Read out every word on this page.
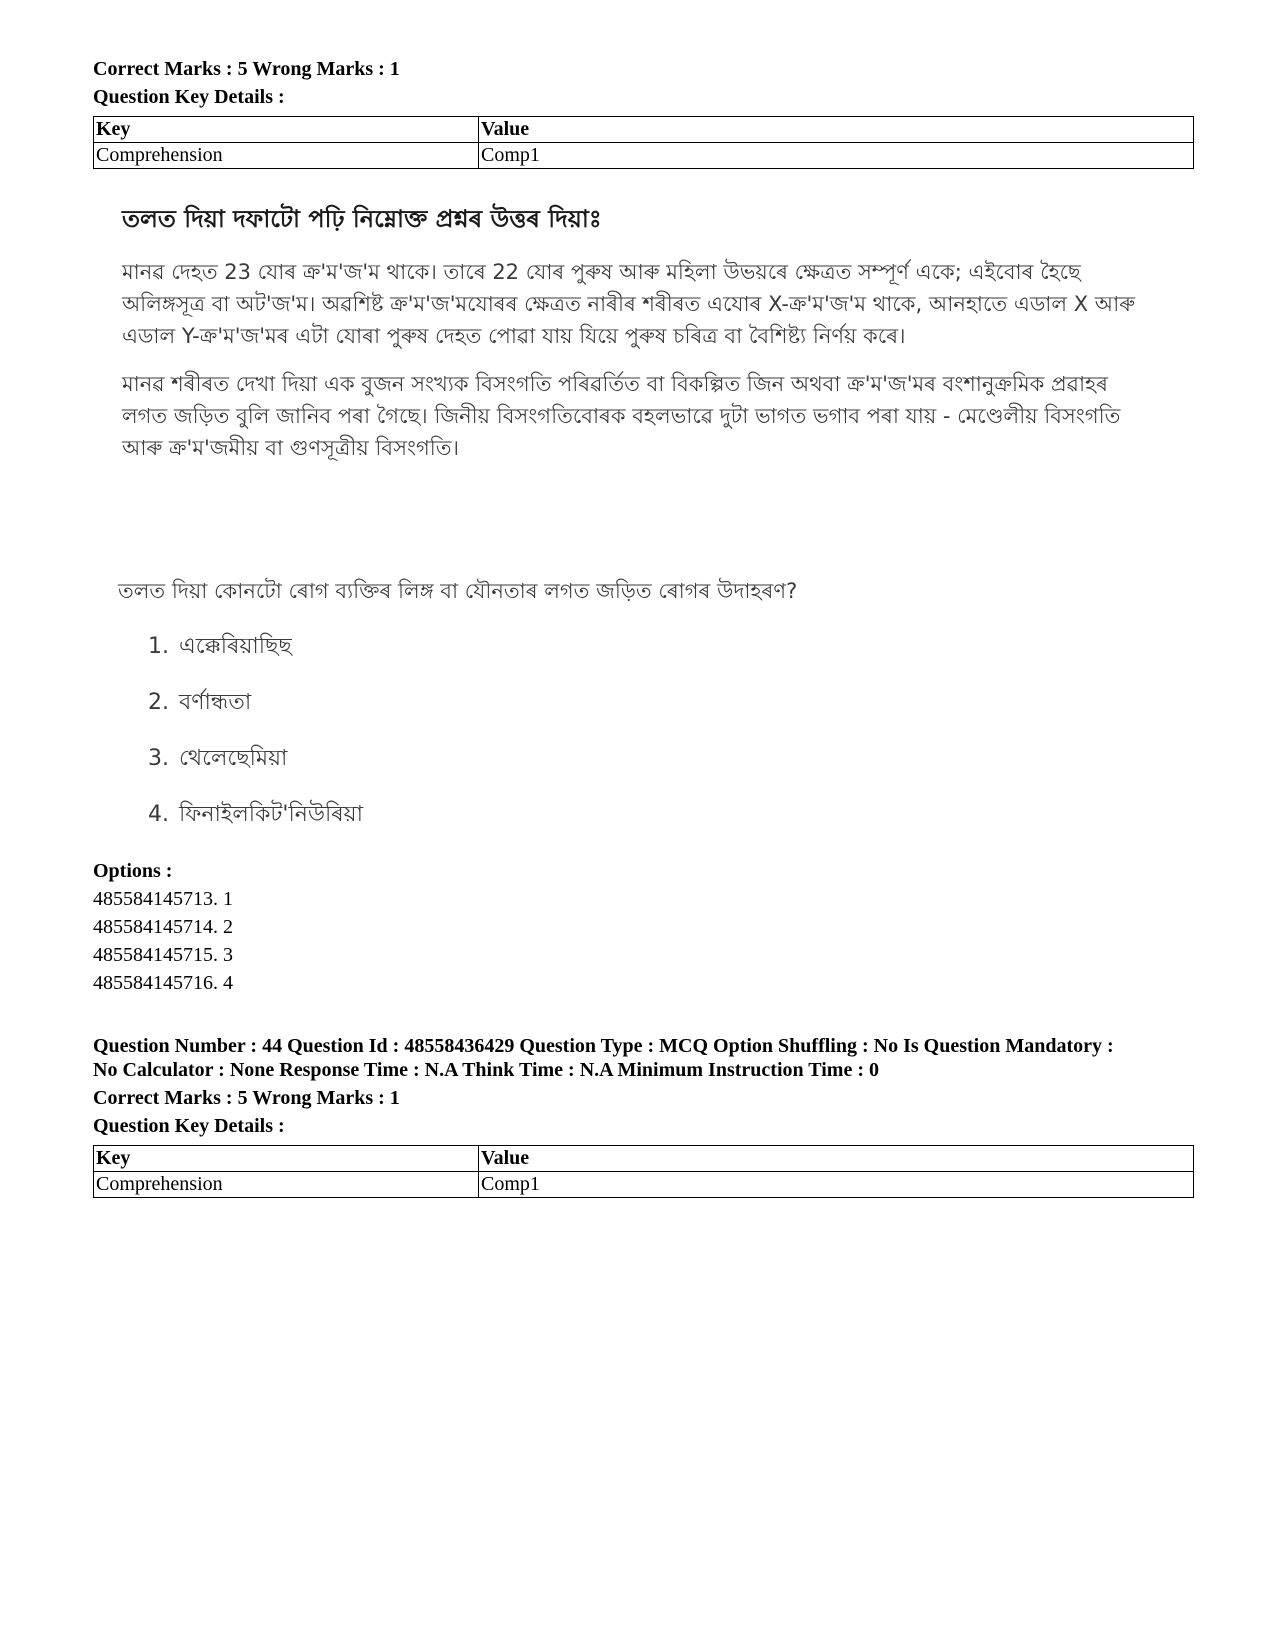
Correct Marks : 5 Wrong Marks : 1

Question Key Details :

Key	Value
Comprehension	Comp1

তলত দিয়া দফাটো পঢ়ি নিম্নোক্ত প্ৰশ্নৰ উত্তৰ দিয়াঃ

মানৱ দেহত 23 যোৰ ক্ৰ'ম'জ'ম থাকে। তাৰে 22 যোৰ পুৰুষ আৰু মহিলা উভয়ৰে ক্ষেত্ৰত সম্পূৰ্ণ একে; এইবোৰ হৈছে অলিঙ্গসূত্ৰ বা অট'জ'ম। অৱশিষ্ট ক্ৰ'ম'জ'মযোৰৰ ক্ষেত্ৰত নাৰীৰ শৰীৰত এযোৰ X-ক্ৰ'ম'জ'ম থাকে, আনহাতে এডাল X আৰু এডাল Y-ক্ৰ'ম'জ'মৰ এটা যোৰা পুৰুষ দেহত পোৱা যায় যিয়ে পুৰুষ চৰিত্ৰ বা বৈশিষ্ট্য নিৰ্ণয় কৰে।

মানৱ শৰীৰত দেখা দিয়া এক বুজন সংখ্যক বিসংগতি পৰিৱৰ্তিত বা বিকল্পিত জিন অথবা ক্ৰ'ম'জ'মৰ বংশানুক্ৰমিক প্ৰৱাহৰ লগত জড়িত বুলি জানিব পৰা গৈছে। জিনীয় বিসংগতিবোৰক বহলভাৱে দুটা ভাগত ভগাব পৰা যায় - মেণ্ডেলীয় বিসংগতি আৰু ক্ৰ'ম'জমীয় বা গুণসূত্ৰীয় বিসংগতি।

তলত দিয়া কোনটো ৰোগ ব্যক্তিৰ লিঙ্গ বা যৌনতাৰ লগত জড়িত ৰোগৰ উদাহৰণ?

1. এক্কেৰিয়াছিছ
2. বৰ্ণান্ধতা
3. থেলেছেমিয়া
4. ফিনাইলকিট'নিউৰিয়া
Options :
485584145713. 1
485584145714. 2
485584145715. 3
485584145716. 4

Question Number : 44 Question Id : 48558436429 Question Type : MCQ Option Shuffling : No Is Question Mandatory :

No Calculator : None Response Time : N.A Think Time : N.A Minimum Instruction Time : 0

Correct Marks : 5 Wrong Marks : 1

Question Key Details :

Key	Value
Comprehension	Comp1
